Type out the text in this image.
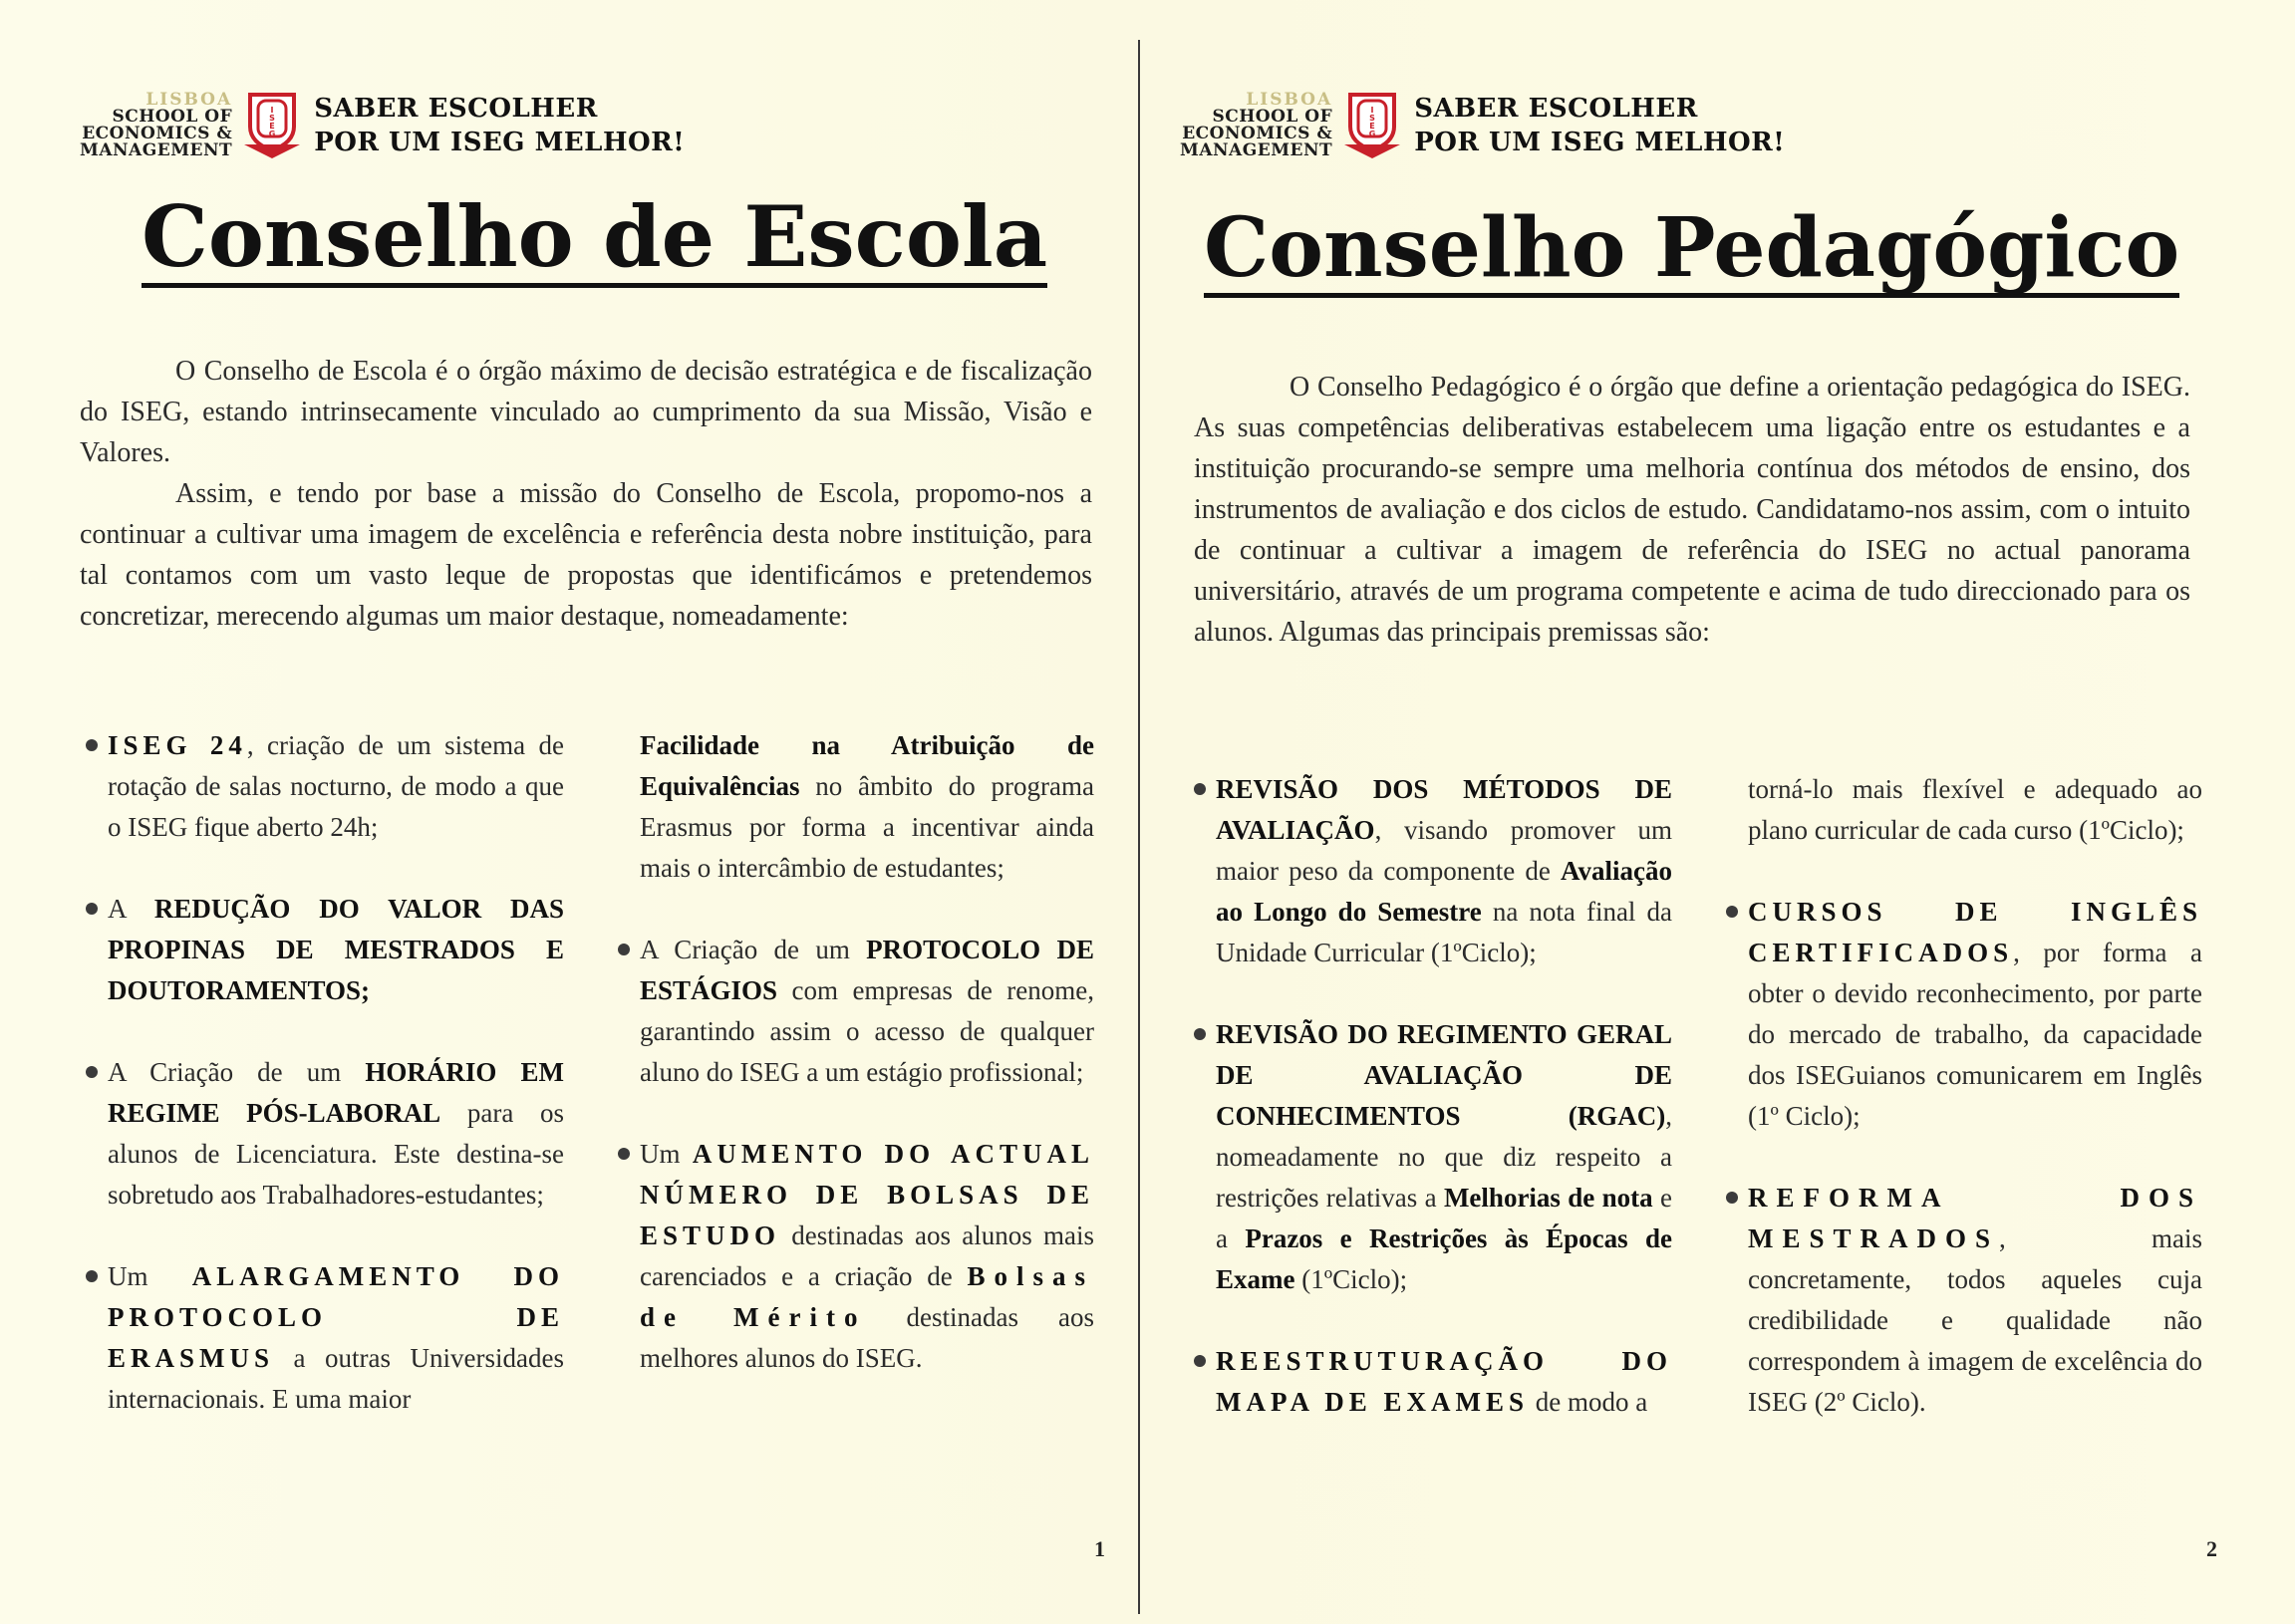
LISBOA
SCHOOL OF
ECONOMICS &
MANAGEMENT
I
S
E
G
SABER ESCOLHER
POR UM ISEG MELHOR!
Conselho de Escola

O Conselho de Escola é o órgão máximo de decisão estratégica e de fiscalização do ISEG, estando intrinsecamente vinculado ao cumprimento da sua Missão, Visão e Valores.

Assim, e tendo por base a missão do Conselho de Escola, propomo-nos a continuar a cultivar uma imagem de excelência e referência desta nobre instituição, para tal contamos com um vasto leque de propostas que identificámos e pretendemos concretizar, merecendo algumas um maior destaque, nomeadamente:

ISEG 24, criação de um sistema de rotação de salas nocturno, de modo a que o ISEG fique aberto 24h;
A REDUÇÃO DO VALOR DAS PROPINAS DE MESTRADOS E DOUTORAMENTOS;
A Criação de um HORÁRIO EM REGIME PÓS-LABORAL para os alunos de Licenciatura. Este destina-se sobretudo aos Trabalhadores-estudantes;
Um ALARGAMENTO DO PROTOCOLO DE ERASMUS a outras Universidades internacionais. E uma maior
Facilidade na Atribuição de Equivalências no âmbito do programa Erasmus por forma a incentivar ainda mais o intercâmbio de estudantes;
A Criação de um PROTOCOLO DE ESTÁGIOS com empresas de renome, garantindo assim o acesso de qualquer aluno do ISEG a um estágio profissional;
Um AUMENTO DO ACTUAL NÚMERO DE BOLSAS DE ESTUDO destinadas aos alunos mais carenciados e a criação de Bolsas de Mérito destinadas aos melhores alunos do ISEG.
1
LISBOA
SCHOOL OF
ECONOMICS &
MANAGEMENT
I
S
E
G
SABER ESCOLHER
POR UM ISEG MELHOR!
Conselho Pedagógico

O Conselho Pedagógico é o órgão que define a orientação pedagógica do ISEG. As suas competências deliberativas estabelecem uma ligação entre os estudantes e a instituição procurando-se sempre uma melhoria contínua dos métodos de ensino, dos instrumentos de avaliação e dos ciclos de estudo. Candidatamo-nos assim, com o intuito de continuar a cultivar a imagem de referência do ISEG no actual panorama universitário, através de um programa competente e acima de tudo direccionado para os alunos. Algumas das principais premissas são:

REVISÃO DOS MÉTODOS DE AVALIAÇÃO, visando promover um maior peso da componente de Avaliação ao Longo do Semestre na nota final da Unidade Curricular (1ºCiclo);
REVISÃO DO REGIMENTO GERAL DE AVALIAÇÃO DE CONHECIMENTOS (RGAC), nomeadamente no que diz respeito a restrições relativas a Melhorias de nota e a Prazos e Restrições às Épocas de Exame (1ºCiclo);
REESTRUTURAÇÃO DO MAPA DE EXAMES de modo a
torná-lo mais flexível e adequado ao plano curricular de cada curso (1ºCiclo);
CURSOS DE INGLÊS CERTIFICADOS, por forma a obter o devido reconhecimento, por parte do mercado de trabalho, da capacidade dos ISEGuianos comunicarem em Inglês (1º Ciclo);
REFORMA DOS MESTRADOS, mais concretamente, todos aqueles cuja credibilidade e qualidade não correspondem à imagem de excelência do ISEG (2º Ciclo).
2
